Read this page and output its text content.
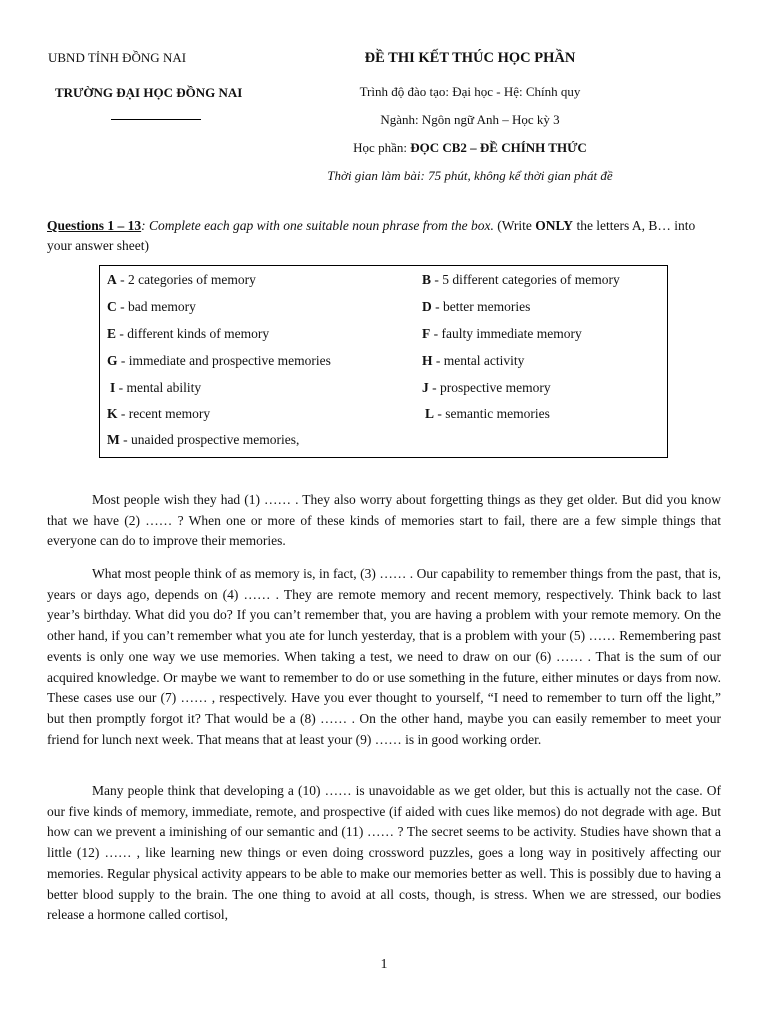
UBND TỈNH ĐỒNG NAI
TRƯỜNG ĐẠI HỌC ĐỒNG NAI
ĐỀ THI KẾT THÚC HỌC PHẦN
Trình độ đào tạo: Đại học - Hệ: Chính quy
Ngành: Ngôn ngữ Anh – Học kỳ 3
Học phần: ĐỌC CB2 – ĐỀ CHÍNH THỨC
Thời gian làm bài: 75 phút, không kể thời gian phát đề
Questions 1 – 13: Complete each gap with one suitable noun phrase from the box. (Write ONLY the letters A, B… into your answer sheet)
A - 2 categories of memory	B - 5 different categories of memory
C - bad memory	D - better memories
E - different kinds of memory	F - faulty immediate memory
G - immediate and prospective memories	H - mental activity
I - mental ability	J - prospective memory
K - recent memory	L - semantic memories
M - unaided prospective memories,

Most people wish they had (1) …… . They also worry about forgetting things as they get older. But did you know that we have (2) …… ? When one or more of these kinds of memories start to fail, there are a few simple things that everyone can do to improve their memories.

What most people think of as memory is, in fact, (3) …… . Our capability to remember things from the past, that is, years or days ago, depends on (4) …… . They are remote memory and recent memory, respectively. Think back to last year’s birthday. What did you do? If you can’t remember that, you are having a problem with your remote memory. On the other hand, if you can’t remember what you ate for lunch yesterday, that is a problem with your (5) …… Remembering past events is only one way we use memories. When taking a test, we need to draw on our (6) …… . That is the sum of our acquired knowledge. Or maybe we want to remember to do or use something in the future, either minutes or days from now. These cases use our (7) …… , respectively. Have you ever thought to yourself, “I need to remember to turn off the light,” but then promptly forgot it? That would be a (8) …… . On the other hand, maybe you can easily remember to meet your friend for lunch next week. That means that at least your (9) …… is in good working order.

Many people think that developing a (10) …… is unavoidable as we get older, but this is actually not the case. Of our five kinds of memory, immediate, remote, and prospective (if aided with cues like memos) do not degrade with age. But how can we prevent a iminishing of our semantic and (11) …… ? The secret seems to be activity. Studies have shown that a little (12) …… , like learning new things or even doing crossword puzzles, goes a long way in positively affecting our memories. Regular physical activity appears to be able to make our memories better as well. This is possibly due to having a better blood supply to the brain. The one thing to avoid at all costs, though, is stress. When we are stressed, our bodies release a hormone called cortisol,

1
